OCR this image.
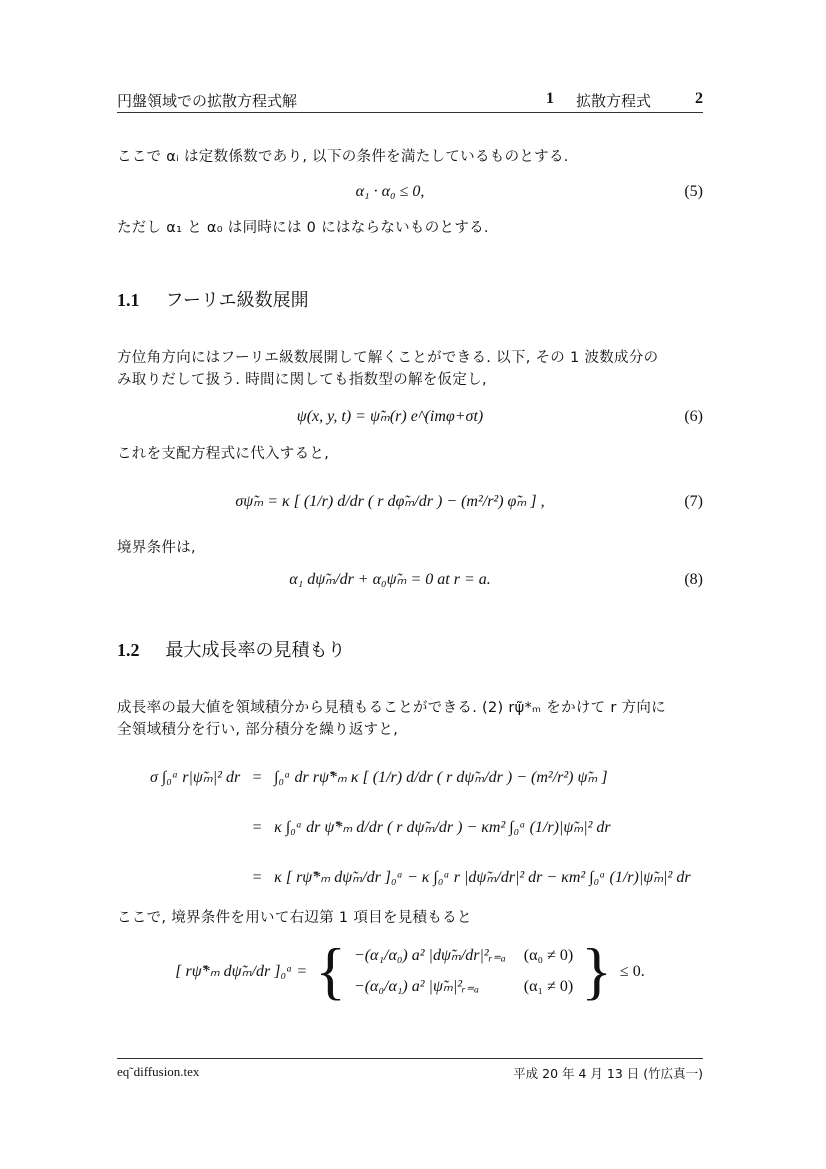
円盤領域での拡散方程式解	1 拡散方程式	2
ここで αᵢ は定数係数であり, 以下の条件を満たしているものとする.
α₁ · α₀ ≤ 0,	(5)
ただし α₁ と α₀ は同時には 0 にはならないものとする.
1.1 フーリエ級数展開
方位角方向にはフーリエ級数展開して解くことができる. 以下, その 1 波数成分の
み取りだして扱う. 時間に関しても指数型の解を仮定し,
ψ(x, y, t) = ψ̃ₘ(r) e^(imφ+σt)	(6)
これを支配方程式に代入すると,
σψ̃ₘ = κ [ (1/r) d/dr ( r dφ̃ₘ/dr ) − (m²/r²) φ̃ₘ ] ,	(7)
境界条件は,
α₁ dψ̃ₘ/dr + α₀ψ̃ₘ = 0 at r = a.	(8)
1.2 最大成長率の見積もり
成長率の最大値を領域積分から見積もることができる. (2) rψ̃*ₘ をかけて r 方向に
全領域積分を行い, 部分積分を繰り返すと,
σ ∫₀ᵃ r|ψ̃ₘ|² dr = ∫₀ᵃ dr rψ̃*ₘ κ [ (1/r) d/dr ( r dψ̃ₘ/dr ) − (m²/r²) ψ̃ₘ ]
= κ ∫₀ᵃ dr ψ̃*ₘ d/dr ( r dψ̃ₘ/dr ) − κm² ∫₀ᵃ (1/r)|ψ̃ₘ|² dr
= κ [ rψ̃*ₘ dψ̃ₘ/dr ]₀ᵃ − κ ∫₀ᵃ r |dψ̃ₘ/dr|² dr − κm² ∫₀ᵃ (1/r)|ψ̃ₘ|² dr
ここで, 境界条件を用いて右辺第 1 項目を見積もると
[ rψ̃*ₘ dψ̃ₘ/dr ]₀ᵃ = { −(α₁/α₀) a² |dψ̃ₘ/dr|²ᵣ₌ₐ (α₀ ≠ 0)
−(α₀/α₁) a² |ψ̃ₘ|²ᵣ₌ₐ	(α₁ ≠ 0) } ≤ 0.
eq˜diffusion.tex	平成 20 年 4 月 13 日 (竹広真一)
